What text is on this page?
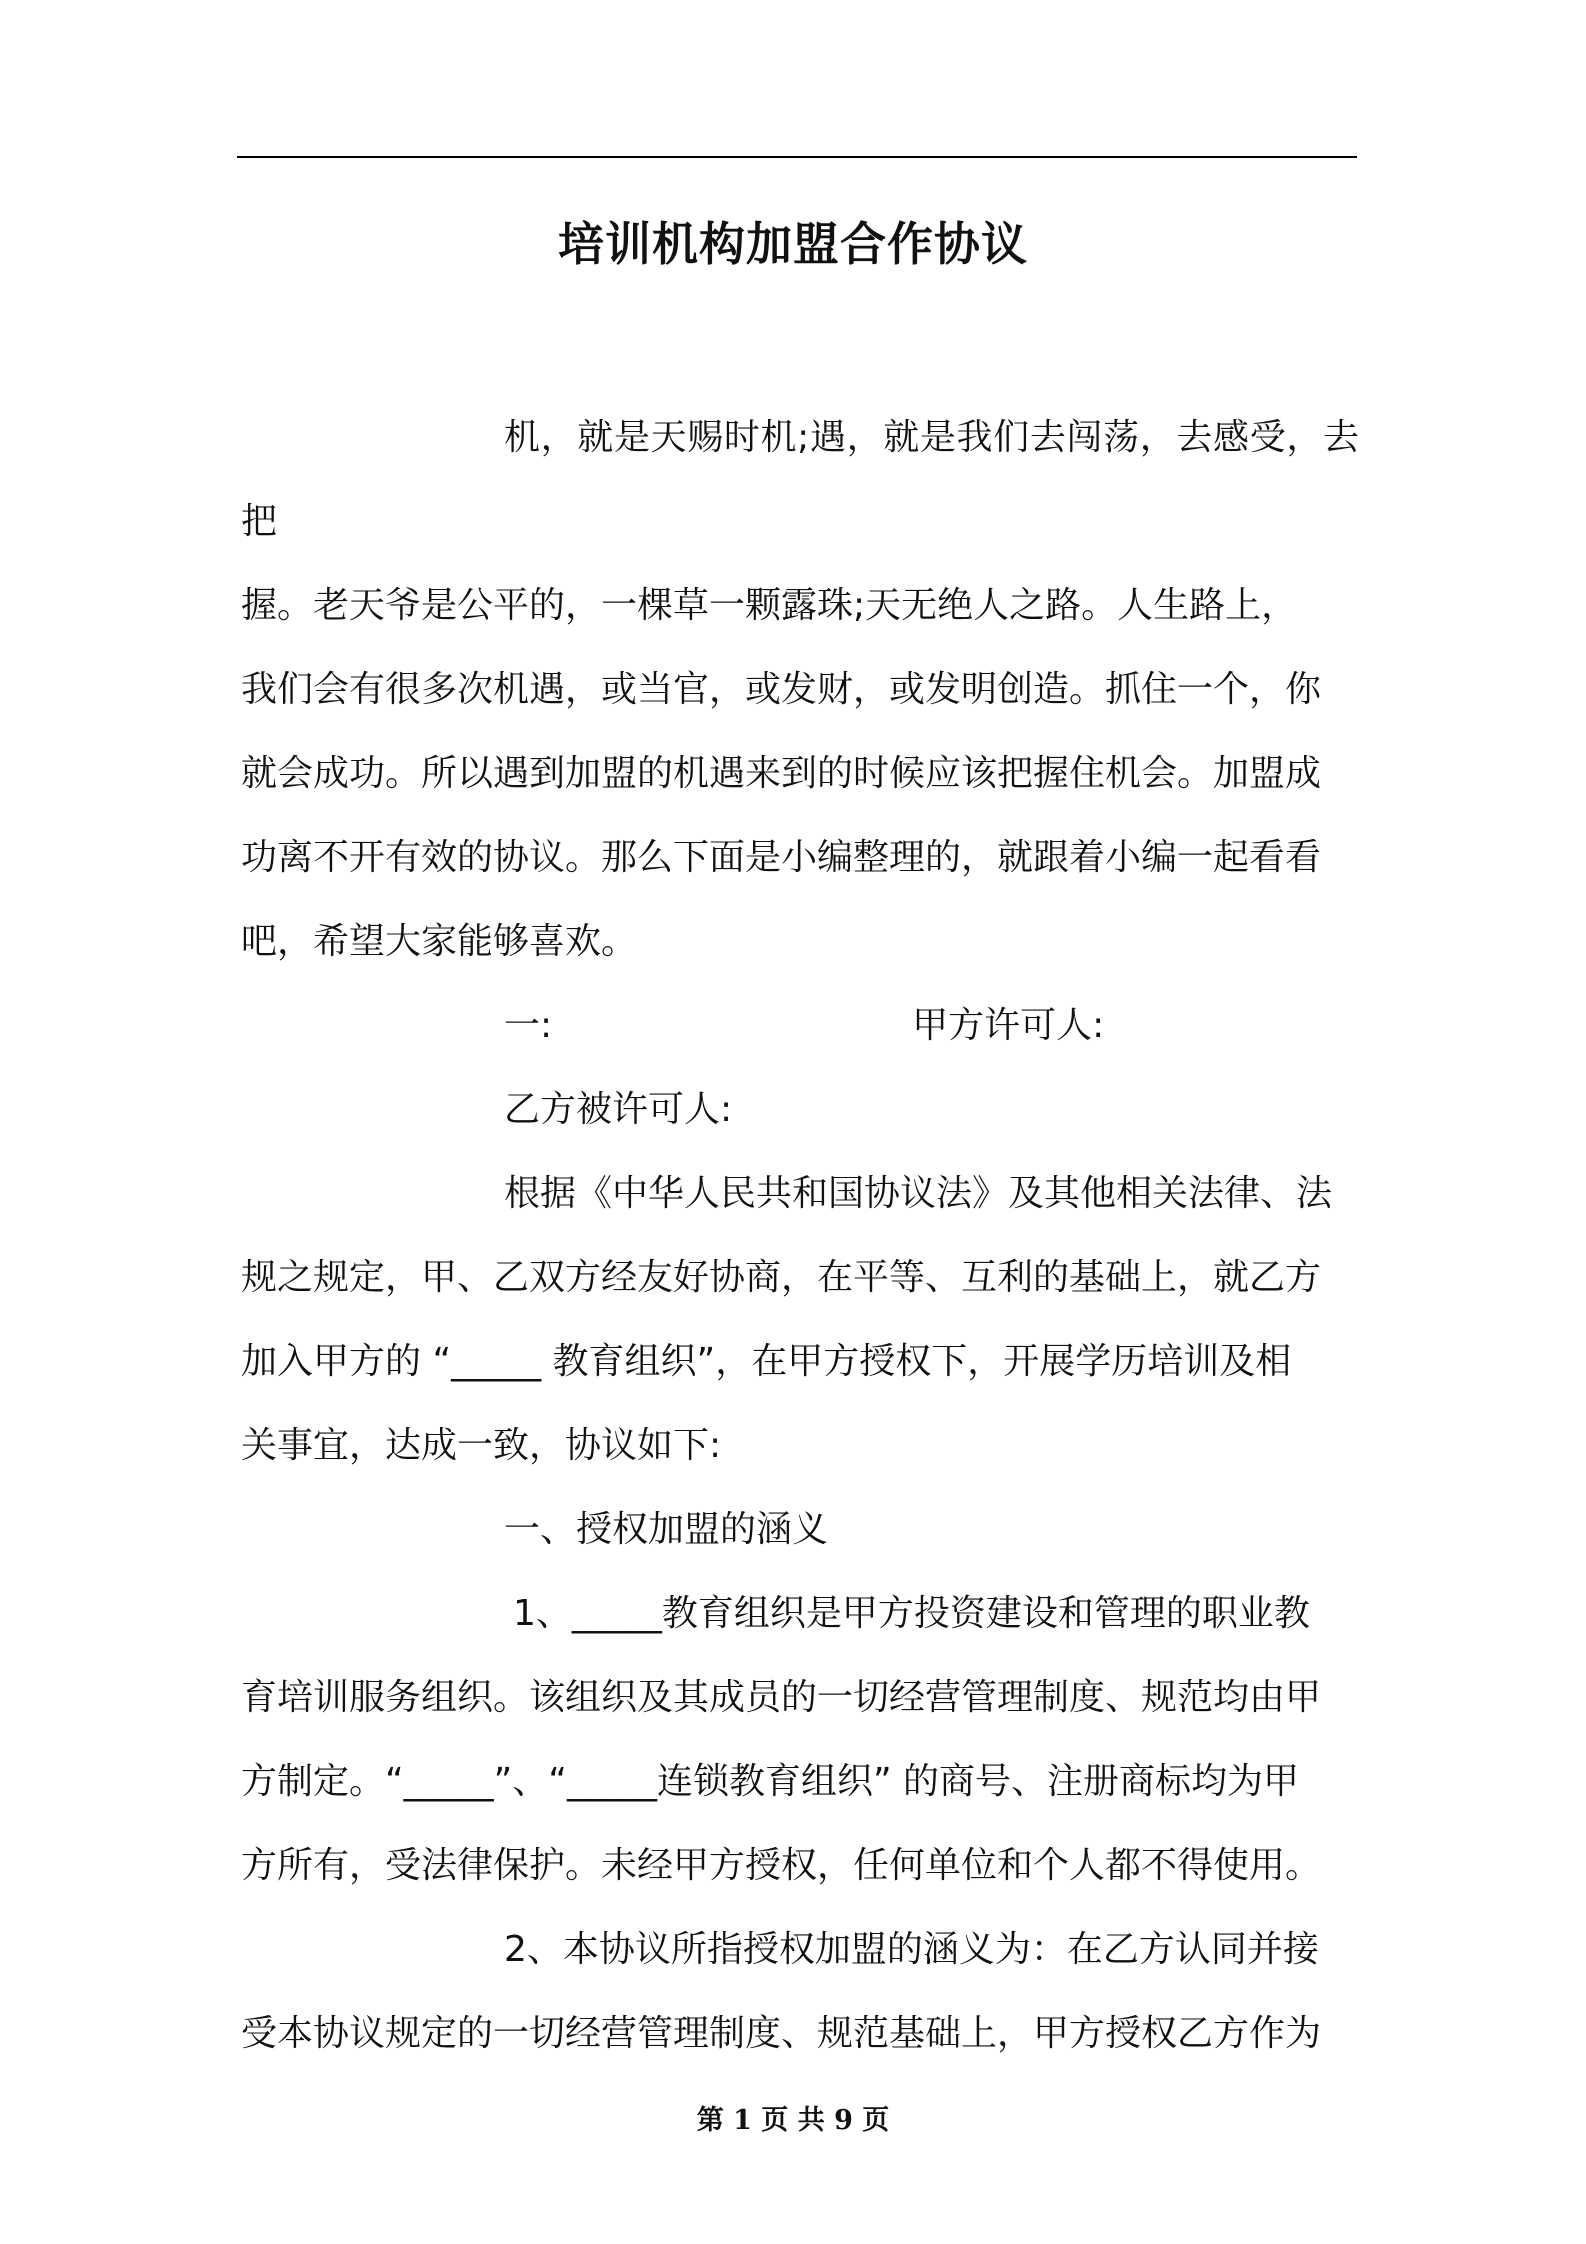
培训机构加盟合作协议
机，就是天赐时机;遇，就是我们去闯荡，去感受，去把
握。老天爷是公平的，一棵草一颗露珠;天无绝人之路。人生路上，
我们会有很多次机遇，或当官，或发财，或发明创造。抓住一个，你
就会成功。所以遇到加盟的机遇来到的时候应该把握住机会。加盟成
功离不开有效的协议。那么下面是小编整理的，就跟着小编一起看看
吧，希望大家能够喜欢。
一:	甲方许可人:
乙方被许可人:
根据《中华人民共和国协议法》及其他相关法律、法
规之规定，甲、乙双方经友好协商，在平等、互利的基础上，就乙方
加入甲方的 “_____ 教育组织”，在甲方授权下，开展学历培训及相
关事宜，达成一致，协议如下:
一、授权加盟的涵义
1、_____教育组织是甲方投资建设和管理的职业教
育培训服务组织。该组织及其成员的一切经营管理制度、规范均由甲
方制定。“_____”、“_____连锁教育组织” 的商号、注册商标均为甲
方所有，受法律保护。未经甲方授权，任何单位和个人都不得使用。
2、本协议所指授权加盟的涵义为：在乙方认同并接
受本协议规定的一切经营管理制度、规范基础上，甲方授权乙方作为
第 1 页 共 9 页
